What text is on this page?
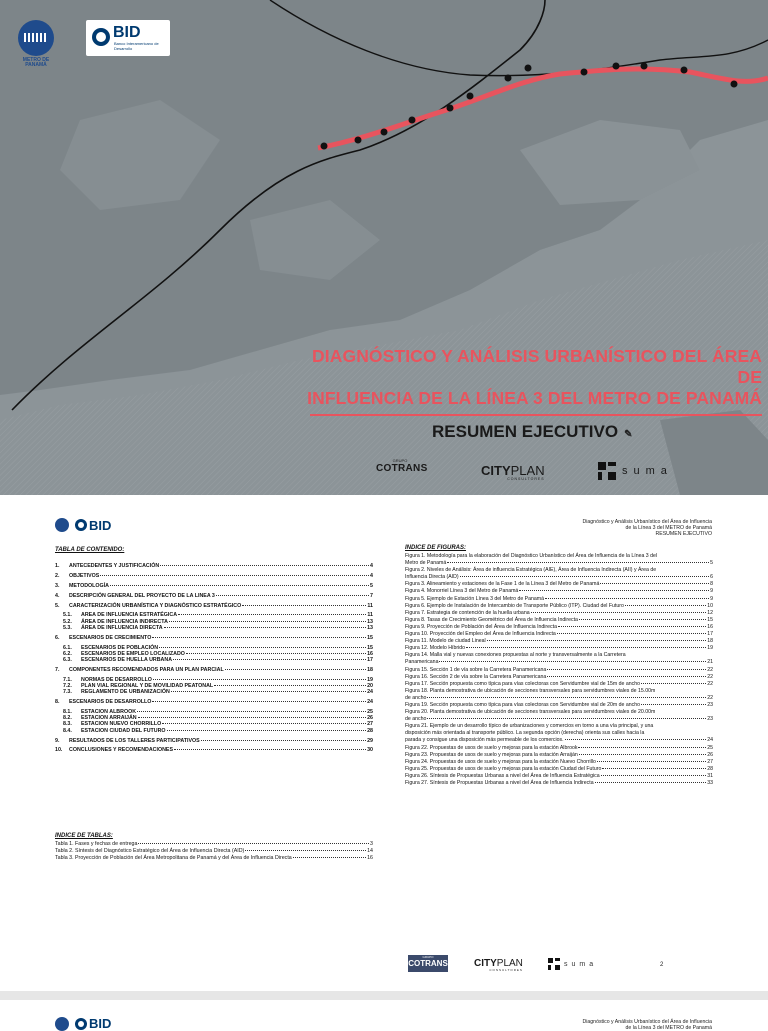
METRO DE PANAMÁ
BID
Banco Interamericano de Desarrollo
DIAGNÓSTICO Y ANÁLISIS URBANÍSTICO DEL ÁREA DE
INFLUENCIA DE LA LÍNEA 3 DEL METRO DE PANAMÁ
RESUMEN EJECUTIVO ✎
GRUPO
COTRANS	CITYPLAN
CONSULTORES
suma
BID	Diagnóstico y Análisis Urbanístico del Área de Influencia
de la Línea 3 del METRO de Panamá
RESUMEN EJECUTIVO
TABLA DE CONTENIDO:
1.	ANTECEDENTES Y JUSTIFICACIÓN	4
2.	OBJETIVOS	4
3.	METODOLOGÍA	5
4.	DESCRIPCIÓN GENERAL DEL PROYECTO DE LA LINEA 3	7
5.	CARACTERIZACIÓN URBANÍSTICA Y DIAGNÓSTICO ESTRATÉGICO	11
5.1.	AREA DE INFLUENCIA ESTRATÉGICA	11
5.2.	ÁREA DE INFLUENCIA INDIRECTA	13
5.3.	ÁREA DE INFLUENCIA DIRECTA	13
6.	ESCENARIOS DE CRECIMIENTO	15
6.1.	ESCENARIOS DE POBLACIÓN	15
6.2.	ESCENARIOS DE EMPLEO LOCALIZADO	16
6.3.	ESCENARIOS DE HUELLA URBANA	17
7.	COMPONENTES RECOMENDADOS PARA UN PLAN PARCIAL	18
7.1.	NORMAS DE DESARROLLO	19
7.2.	PLAN VIAL REGIONAL Y DE MOVILIDAD PEATONAL	20
7.3.	REGLAMENTO DE URBANIZACIÓN	24
8.	ESCENARIOS DE DESARROLLO	24
8.1.	ESTACION ALBROOK	25
8.2.	ESTACION ARRAIJÁN	26
8.3.	ESTACION NUEVO CHORRILLO	27
8.4.	ESTACION CIUDAD DEL FUTURO	28
9.	RESULTADOS DE LOS TALLERES PARTICIPATIVOS	29
10.	CONCLUSIONES Y RECOMENDACIONES	30
INDICE DE TABLAS:
Tabla 1. Fases y fechas de entrega	3
Tabla 2. Síntesis del Diagnóstico Estratégico del Área de Influencia Directa (AID)	14
Tabla 3. Proyección de Población del Área Metropolitana de Panamá y del Área de Influencia Directa	16
INDICE DE FIGURAS:
Figura 1. Metodología para la elaboración del Diagnóstico Urbanístico del Área de Influencia de la Línea 3 del
Metro de Panamá	5
Figura 2. Niveles de Análisis: Área de influencia Estratégica (AIE), Área de Influencia Indirecta (AII) y Área de
Influencia Directa (AID)	6
Figura 3. Alineamiento y estaciones de la Fase 1 de la Línea 3 del Metro de Panamá	8
Figura 4. Monorriel Línea 3 del Metro de Panamá	9
Figura 5. Ejemplo de Estación Línea 3 del Metro de Panamá	9
Figura 6. Ejemplo de Instalación de Intercambio de Transporte Público (ITP). Ciudad del Futuro	10
Figura 7. Estrategia de contención de la huella urbana	12
Figura 8. Tasas de Crecimiento Geométrico del Área de Influencia Indirecta	15
Figura 9. Proyección de Población del Área de Influencia Indirecta	16
Figura 10. Proyección del Empleo del Área de Influencia Indirecta	17
Figura 11. Modelo de ciudad Lineal	18
Figura 12. Modelo Híbrido	19
Figura 14. Malla vial y nuevas conexiones propuestas al norte y transversalmente a la Carretera
Panamericana	21
Figura 15. Sección 1 de vía sobre la Carretera Panamericana	22
Figura 16. Sección 2 de vía sobre la Carretera Panamericana	22
Figura 17. Sección propuesta como típica para vías colectoras con Servidumbre vial de 15m de ancho	22
Figura 18. Planta demostrativa de ubicación de secciones transversales para servidumbres viales de 15.00m
de ancho	22
Figura 19. Sección propuesta como típica para vías colectoras con Servidumbre vial de 20m de ancho	23
Figura 20. Planta demostrativa de ubicación de secciones transversales para servidumbres viales de 20.00m
de ancho	23
Figura 21. Ejemplo de un desarrollo típico de urbanizaciones y comercios en torno a una vía principal, y una
disposición más orientada al transporte público. La segunda opción (derecha) orienta sus calles hacia la
parada y consigue una disposición más permeable de los comercios.	24
Figura 22. Propuestas de usos de suelo y mejoras para la estación Albrook	25
Figura 23. Propuestas de usos de suelo y mejoras para la estación Arraiján	26
Figura 24. Propuestas de usos de suelo y mejoras para la estación Nuevo Chorrillo	27
Figura 25. Propuestas de usos de suelo y mejoras para la estación Ciudad del Futuro	28
Figura 26. Síntesis de Propuestas Urbanas a nivel del Área de Influencia Estratégica	31
Figura 27. Síntesis de Propuestas Urbanas a nivel del Área de Influencia Indirecta	33
GRUPO
COTRANS	CITYPLAN
CONSULTORES
suma	2
BID	Diagnóstico y Análisis Urbanístico del Área de Influencia
de la Línea 3 del METRO de Panamá
